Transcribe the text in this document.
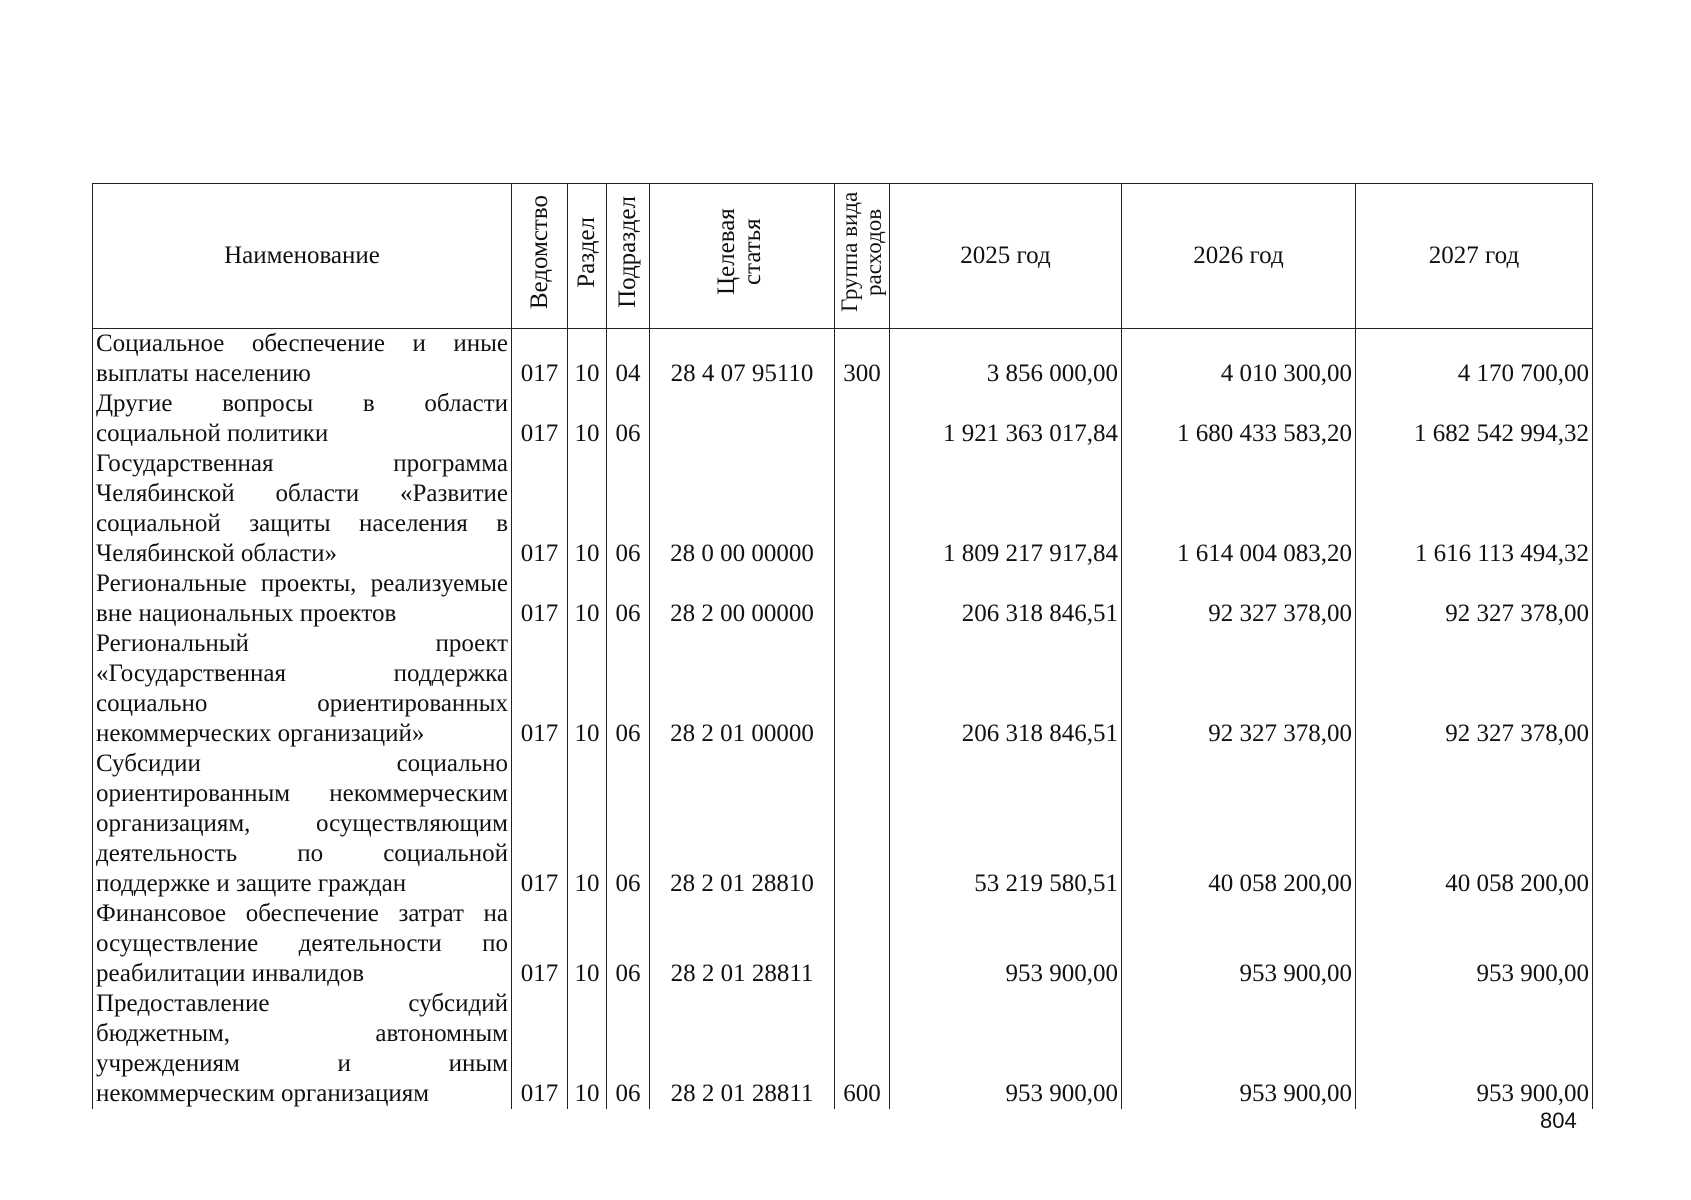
Наименование	Ведомство	Раздел	Подраздел	Целевая статья	Группа вида расходов	2025 год	2026 год	2027 год
Социальное обеспечение и иные выплаты населению	017	10	04	28 4 07 95110	300	3 856 000,00	4 010 300,00	4 170 700,00
Другие вопросы в области социальной политики	017	10	06			1 921 363 017,84	1 680 433 583,20	1 682 542 994,32
Государственная программа Челябинской области «Развитие социальной защиты населения в Челябинской области»	017	10	06	28 0 00 00000		1 809 217 917,84	1 614 004 083,20	1 616 113 494,32
Региональные проекты, реализуемые вне национальных проектов	017	10	06	28 2 00 00000		206 318 846,51	92 327 378,00	92 327 378,00
Региональный проект «Государственная поддержка социально ориентированных некоммерческих организаций»	017	10	06	28 2 01 00000		206 318 846,51	92 327 378,00	92 327 378,00
Субсидии социально ориентированным некоммерческим организациям, осуществляющим деятельность по социальной поддержке и защите граждан	017	10	06	28 2 01 28810		53 219 580,51	40 058 200,00	40 058 200,00
Финансовое обеспечение затрат на осуществление деятельности по реабилитации инвалидов	017	10	06	28 2 01 28811		953 900,00	953 900,00	953 900,00
Предоставление субсидий бюджетным, автономным учреждениям и иным некоммерческим организациям	017	10	06	28 2 01 28811	600	953 900,00	953 900,00	953 900,00
804
